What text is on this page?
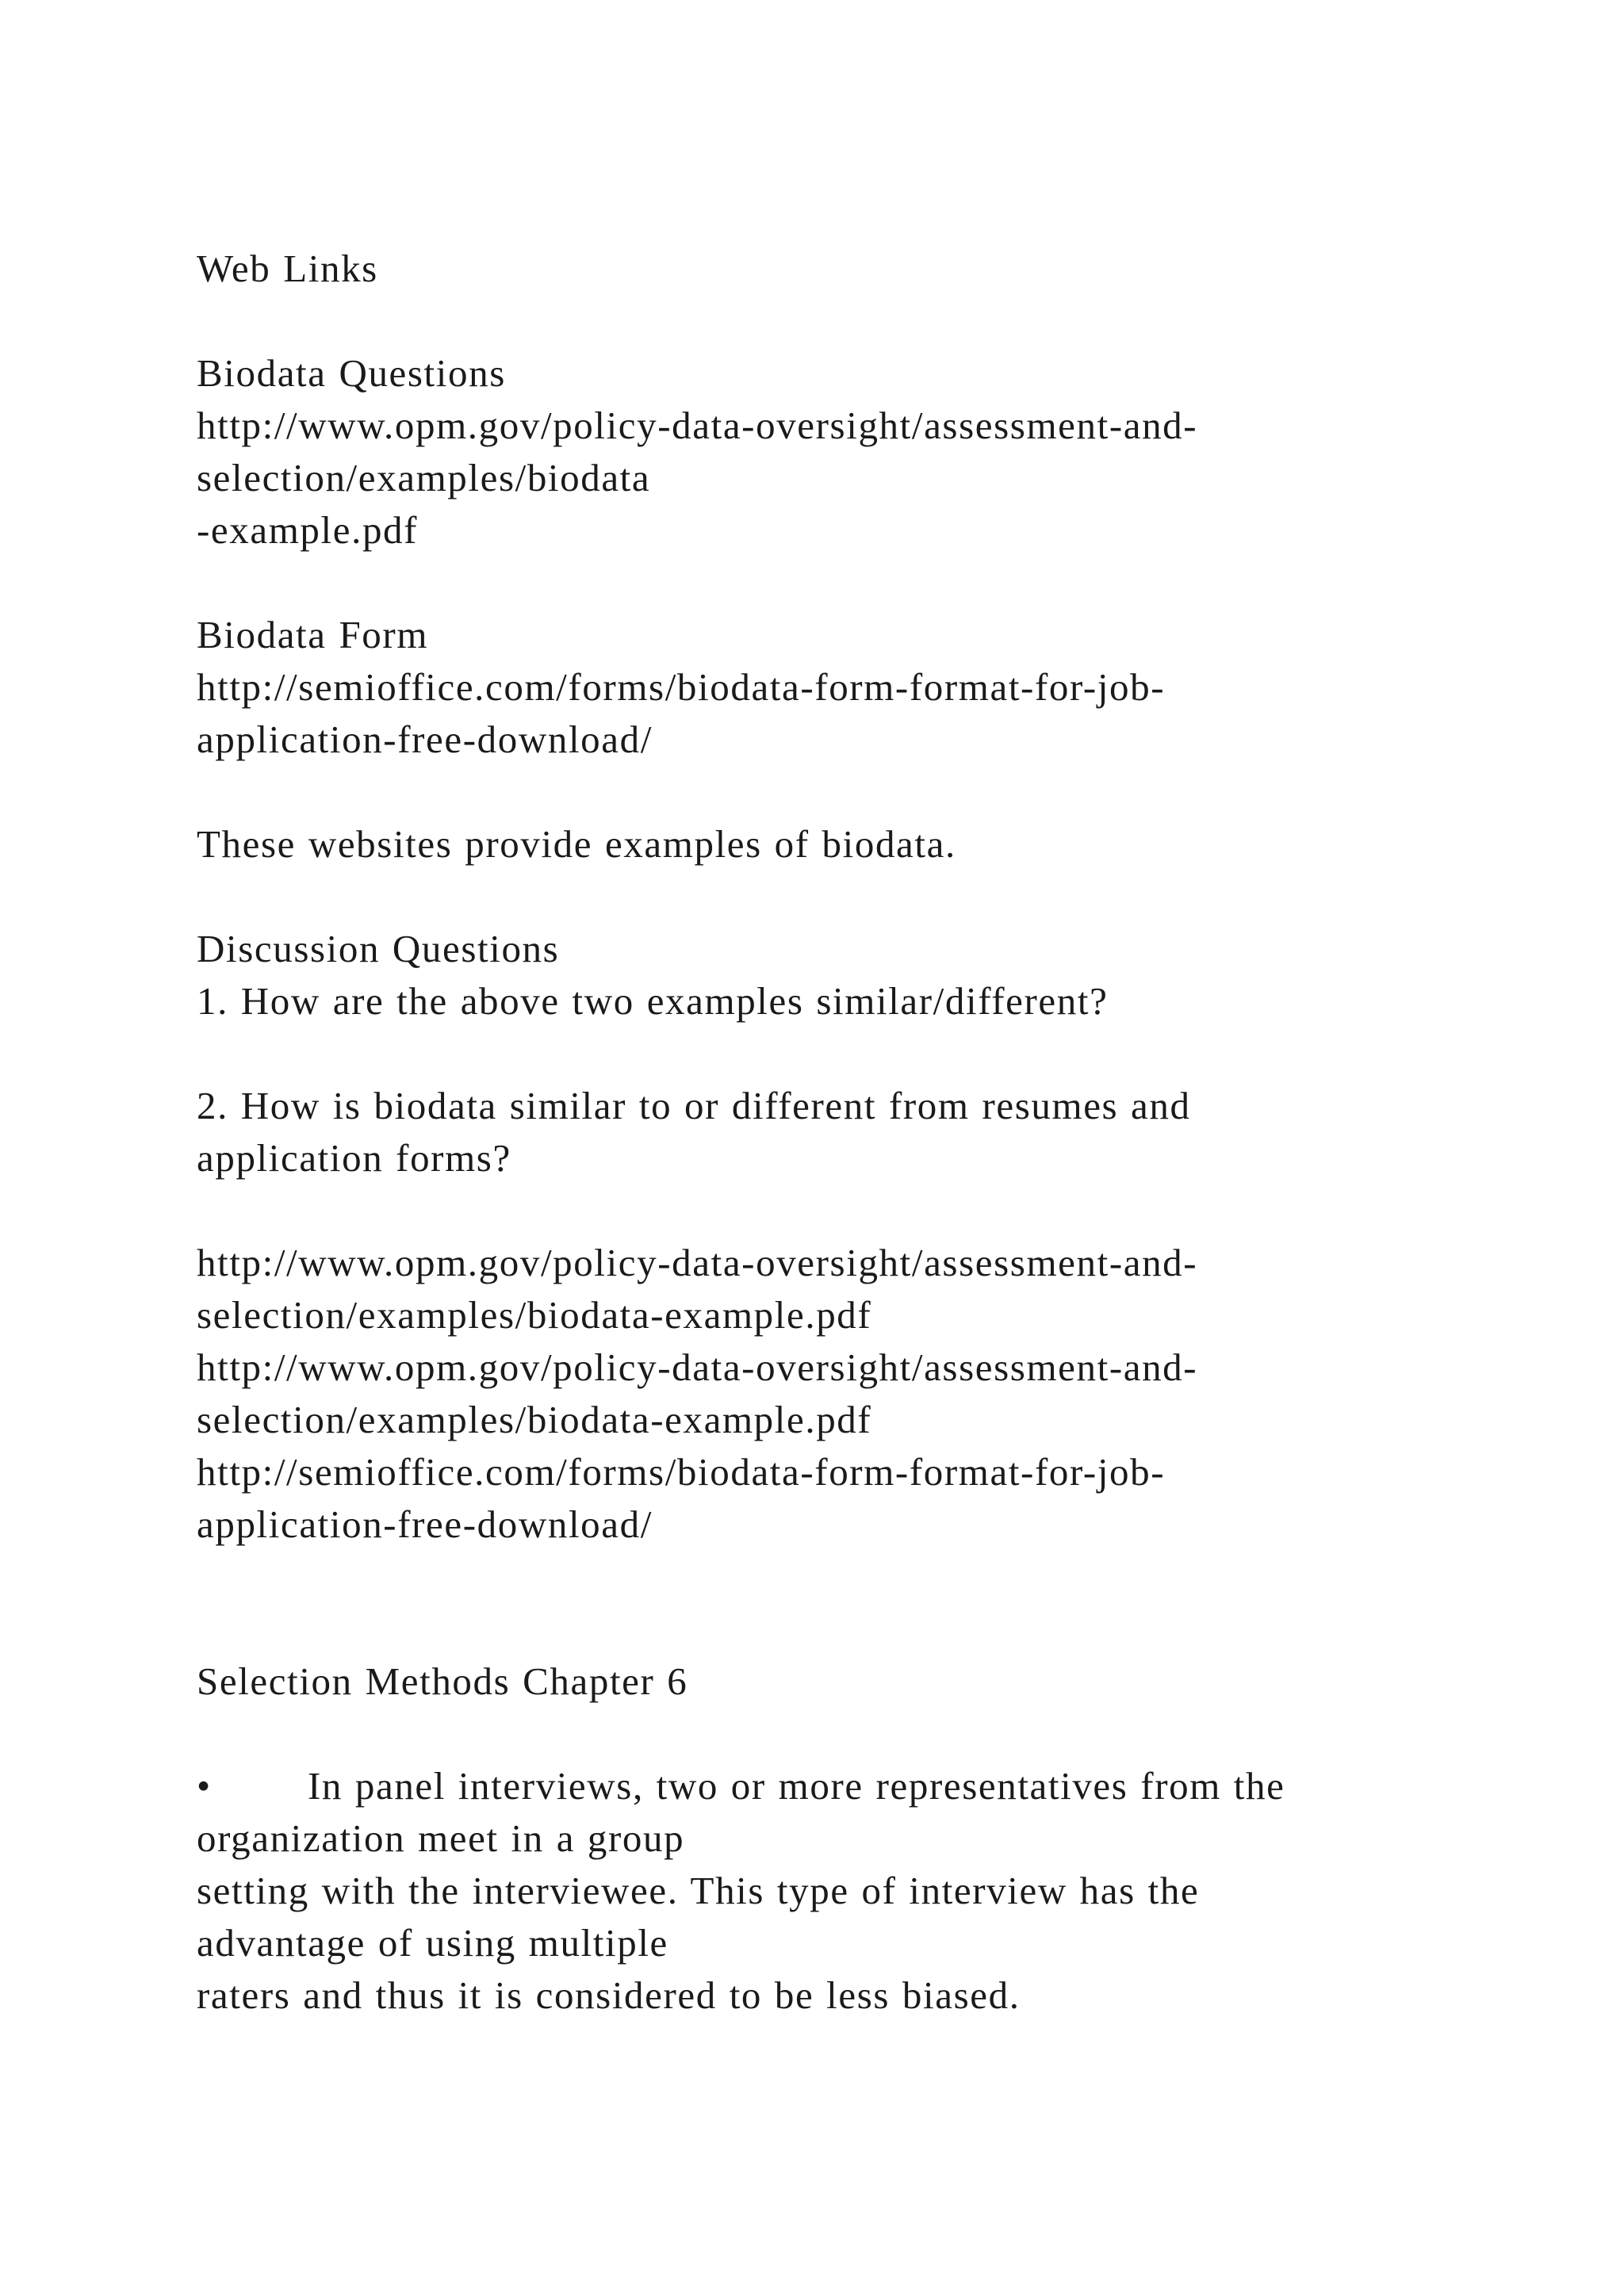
Web Links
Biodata Questions
http://www.opm.gov/policy-data-oversight/assessment-and-
selection/examples/biodata
-example.pdf
Biodata Form
http://semioffice.com/forms/biodata-form-format-for-job-
application-free-download/
These websites provide examples of biodata.
Discussion Questions
1. How are the above two examples similar/different?
2. How is biodata similar to or different from resumes and
application forms?
http://www.opm.gov/policy-data-oversight/assessment-and-
selection/examples/biodata-example.pdf
http://www.opm.gov/policy-data-oversight/assessment-and-
selection/examples/biodata-example.pdf
http://semioffice.com/forms/biodata-form-format-for-job-
application-free-download/
Selection Methods Chapter 6
• In panel interviews, two or more representatives from the
organization meet in a group
setting with the interviewee. This type of interview has the
advantage of using multiple
raters and thus it is considered to be less biased.
